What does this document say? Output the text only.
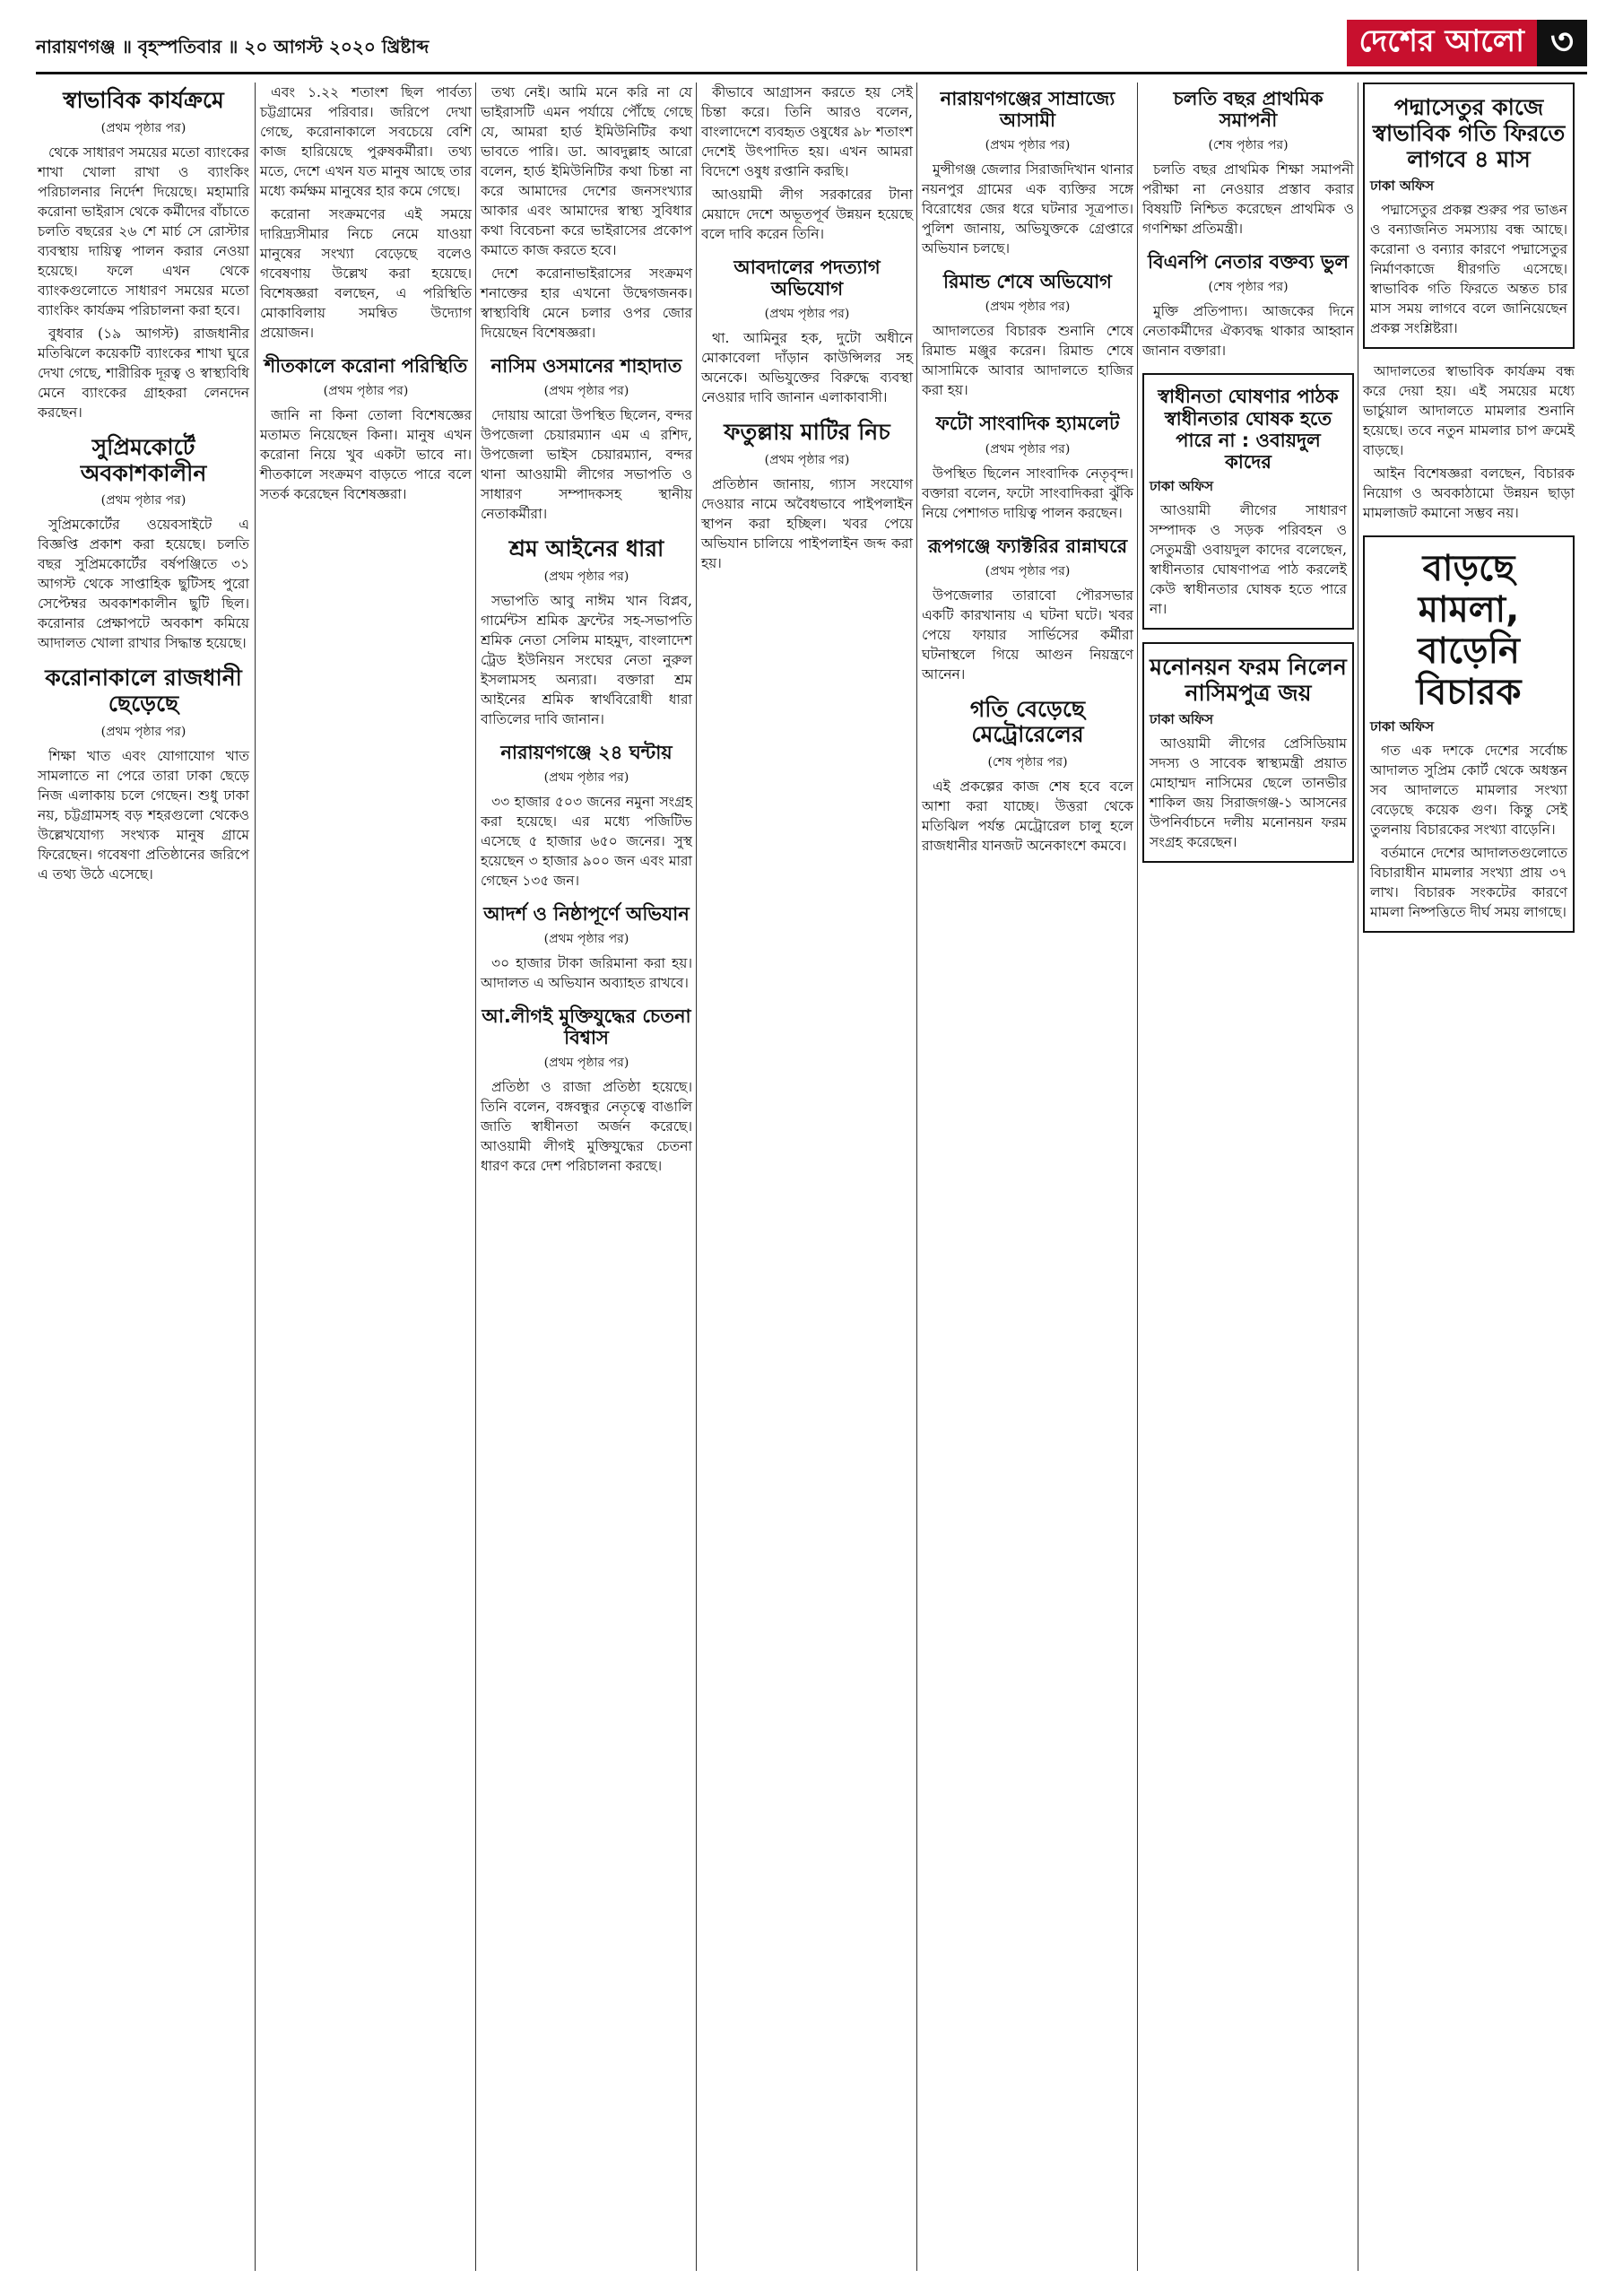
নারায়ণগঞ্জ ॥ বৃহস্পতিবার ॥ ২০ আগস্ট ২০২০ খ্রিষ্টাব্দ	দেশের আলো ৩
স্বাভাবিক কার্যক্রমে
(প্রথম পৃষ্ঠার পর)

থেকে সাধারণ সময়ের মতো ব্যাংকের শাখা খোলা রাখা ও ব্যাংকিং পরিচালনার নির্দেশ দিয়েছে। মহামারি করোনা ভাইরাস থেকে কর্মীদের বাঁচাতে চলতি বছরের ২৬ শে মার্চ সে রোস্টার ব্যবস্থায় দায়িত্ব পালন করার নেওয়া হয়েছে। ফলে এখন থেকে ব্যাংকগুলোতে সাধারণ সময়ের মতো ব্যাংকিং কার্যক্রম পরিচালনা করা হবে।

বুধবার (১৯ আগস্ট) রাজধানীর মতিঝিলে কয়েকটি ব্যাংকের শাখা ঘুরে দেখা গেছে, শারীরিক দূরত্ব ও স্বাস্থ্যবিধি মেনে ব্যাংকের গ্রাহকরা লেনদেন করছেন।

সুপ্রিমকোর্টে অবকাশকালীন
(প্রথম পৃষ্ঠার পর)

সুপ্রিমকোর্টের ওয়েবসাইটে এ বিজ্ঞপ্তি প্রকাশ করা হয়েছে। চলতি বছর সুপ্রিমকোর্টের বর্ষপঞ্জিতে ৩১ আগস্ট থেকে সাপ্তাহিক ছুটিসহ পুরো সেপ্টেম্বর অবকাশকালীন ছুটি ছিল। করোনার প্রেক্ষাপটে অবকাশ কমিয়ে আদালত খোলা রাখার সিদ্ধান্ত হয়েছে।

করোনাকালে রাজধানী ছেড়েছে
(প্রথম পৃষ্ঠার পর)

শিক্ষা খাত এবং যোগাযোগ খাত সামলাতে না পেরে তারা ঢাকা ছেড়ে নিজ এলাকায় চলে গেছেন। শুধু ঢাকা নয়, চট্টগ্রামসহ বড় শহরগুলো থেকেও উল্লেখযোগ্য সংখ্যক মানুষ গ্রামে ফিরেছেন। গবেষণা প্রতিষ্ঠানের জরিপে এ তথ্য উঠে এসেছে।

এবং ১.২২ শতাংশ ছিল পার্বত্য চট্টগ্রামের পরিবার। জরিপে দেখা গেছে, করোনাকালে সবচেয়ে বেশি কাজ হারিয়েছে পুরুষকর্মীরা। তথ্য মতে, দেশে এখন যত মানুষ আছে তার মধ্যে কর্মক্ষম মানুষের হার কমে গেছে।

করোনা সংক্রমণের এই সময়ে দারিদ্র্যসীমার নিচে নেমে যাওয়া মানুষের সংখ্যা বেড়েছে বলেও গবেষণায় উল্লেখ করা হয়েছে। বিশেষজ্ঞরা বলছেন, এ পরিস্থিতি মোকাবিলায় সমন্বিত উদ্যোগ প্রয়োজন।

শীতকালে করোনা পরিস্থিতি
(প্রথম পৃষ্ঠার পর)

জানি না কিনা তোলা বিশেষজ্ঞের মতামত নিয়েছেন কিনা। মানুষ এখন করোনা নিয়ে খুব একটা ভাবে না। শীতকালে সংক্রমণ বাড়তে পারে বলে সতর্ক করেছেন বিশেষজ্ঞরা।

তথ্য নেই। আমি মনে করি না যে ভাইরাসটি এমন পর্যায়ে পৌঁছে গেছে যে, আমরা হার্ড ইমিউনিটির কথা ভাবতে পারি। ডা. আবদুল্লাহ আরো বলেন, হার্ড ইমিউনিটির কথা চিন্তা না করে আমাদের দেশের জনসংখ্যার আকার এবং আমাদের স্বাস্থ্য সুবিধার কথা বিবেচনা করে ভাইরাসের প্রকোপ কমাতে কাজ করতে হবে।

দেশে করোনাভাইরাসের সংক্রমণ শনাক্তের হার এখনো উদ্বেগজনক। স্বাস্থ্যবিধি মেনে চলার ওপর জোর দিয়েছেন বিশেষজ্ঞরা।

নাসিম ওসমানের শাহাদাত
(প্রথম পৃষ্ঠার পর)

দোয়ায় আরো উপস্থিত ছিলেন, বন্দর উপজেলা চেয়ারম্যান এম এ রশিদ, উপজেলা ভাইস চেয়ারম্যান, বন্দর থানা আওয়ামী লীগের সভাপতি ও সাধারণ সম্পাদকসহ স্থানীয় নেতাকর্মীরা।

শ্রম আইনের ধারা
(প্রথম পৃষ্ঠার পর)

সভাপতি আবু নাঈম খান বিপ্লব, গার্মেন্টস শ্রমিক ফ্রন্টের সহ-সভাপতি শ্রমিক নেতা সেলিম মাহমুদ, বাংলাদেশ ট্রেড ইউনিয়ন সংঘের নেতা নুরুল ইসলামসহ অন্যরা। বক্তারা শ্রম আইনের শ্রমিক স্বার্থবিরোধী ধারা বাতিলের দাবি জানান।

নারায়ণগঞ্জে ২৪ ঘন্টায়
(প্রথম পৃষ্ঠার পর)

৩৩ হাজার ৫০৩ জনের নমুনা সংগ্রহ করা হয়েছে। এর মধ্যে পজিটিভ এসেছে ৫ হাজার ৬৫০ জনের। সুস্থ হয়েছেন ৩ হাজার ৯০০ জন এবং মারা গেছেন ১৩৫ জন।

আদর্শ ও নিষ্ঠাপূর্ণে অভিযান
(প্রথম পৃষ্ঠার পর)

৩০ হাজার টাকা জরিমানা করা হয়। আদালত এ অভিযান অব্যাহত রাখবে।

আ.লীগই মুক্তিযুদ্ধের চেতনা বিশ্বাস
(প্রথম পৃষ্ঠার পর)

প্রতিষ্ঠা ও রাজা প্রতিষ্ঠা হয়েছে। তিনি বলেন, বঙ্গবন্ধুর নেতৃত্বে বাঙালি জাতি স্বাধীনতা অর্জন করেছে। আওয়ামী লীগই মুক্তিযুদ্ধের চেতনা ধারণ করে দেশ পরিচালনা করছে।

কীভাবে আগ্রাসন করতে হয় সেই চিন্তা করে। তিনি আরও বলেন, বাংলাদেশে ব্যবহৃত ওষুধের ৯৮ শতাংশ দেশেই উৎপাদিত হয়। এখন আমরা বিদেশে ওষুধ রপ্তানি করছি।

আওয়ামী লীগ সরকারের টানা মেয়াদে দেশে অভূতপূর্ব উন্নয়ন হয়েছে বলে দাবি করেন তিনি।

আবদালের পদত্যাগ অভিযোগ
(প্রথম পৃষ্ঠার পর)

থা. আমিনুর হক, দুটো অধীনে মোকাবেলা দাঁড়ান কাউন্সিলর সহ অনেকে। অভিযুক্তের বিরুদ্ধে ব্যবস্থা নেওয়ার দাবি জানান এলাকাবাসী।

ফতুল্লায় মাটির নিচ
(প্রথম পৃষ্ঠার পর)

প্রতিষ্ঠান জানায়, গ্যাস সংযোগ দেওয়ার নামে অবৈধভাবে পাইপলাইন স্থাপন করা হচ্ছিল। খবর পেয়ে অভিযান চালিয়ে পাইপলাইন জব্দ করা হয়।

নারায়ণগঞ্জের সাম্রাজ্যে আসামী
(প্রথম পৃষ্ঠার পর)

মুন্সীগঞ্জ জেলার সিরাজদিখান থানার নয়নপুর গ্রামের এক ব্যক্তির সঙ্গে বিরোধের জের ধরে ঘটনার সূত্রপাত। পুলিশ জানায়, অভিযুক্তকে গ্রেপ্তারে অভিযান চলছে।

রিমান্ড শেষে অভিযোগ
(প্রথম পৃষ্ঠার পর)

আদালতের বিচারক শুনানি শেষে রিমান্ড মঞ্জুর করেন। রিমান্ড শেষে আসামিকে আবার আদালতে হাজির করা হয়।

ফটো সাংবাদিক হ্যামলেট
(প্রথম পৃষ্ঠার পর)

উপস্থিত ছিলেন সাংবাদিক নেতৃবৃন্দ। বক্তারা বলেন, ফটো সাংবাদিকরা ঝুঁকি নিয়ে পেশাগত দায়িত্ব পালন করছেন।

রূপগঞ্জে ফ্যাক্টরির রান্নাঘরে
(প্রথম পৃষ্ঠার পর)

উপজেলার তারাবো পৌরসভার একটি কারখানায় এ ঘটনা ঘটে। খবর পেয়ে ফায়ার সার্ভিসের কর্মীরা ঘটনাস্থলে গিয়ে আগুন নিয়ন্ত্রণে আনেন।

গতি বেড়েছে মেট্রোরেলের
(শেষ পৃষ্ঠার পর)

এই প্রকল্পের কাজ শেষ হবে বলে আশা করা যাচ্ছে। উত্তরা থেকে মতিঝিল পর্যন্ত মেট্রোরেল চালু হলে রাজধানীর যানজট অনেকাংশে কমবে।

চলতি বছর প্রাথমিক সমাপনী
(শেষ পৃষ্ঠার পর)

চলতি বছর প্রাথমিক শিক্ষা সমাপনী পরীক্ষা না নেওয়ার প্রস্তাব করার বিষয়টি নিশ্চিত করেছেন প্রাথমিক ও গণশিক্ষা প্রতিমন্ত্রী।

বিএনপি নেতার বক্তব্য ভুল
(শেষ পৃষ্ঠার পর)

মুক্তি প্রতিপাদ্য। আজকের দিনে নেতাকর্মীদের ঐক্যবদ্ধ থাকার আহ্বান জানান বক্তারা।

স্বাধীনতা ঘোষণার পাঠক স্বাধীনতার ঘোষক হতে পারে না : ওবায়দুল কাদের
ঢাকা অফিস

আওয়ামী লীগের সাধারণ সম্পাদক ও সড়ক পরিবহন ও সেতুমন্ত্রী ওবায়দুল কাদের বলেছেন, স্বাধীনতার ঘোষণাপত্র পাঠ করলেই কেউ স্বাধীনতার ঘোষক হতে পারে না।

মনোনয়ন ফরম নিলেন নাসিমপুত্র জয়
ঢাকা অফিস

আওয়ামী লীগের প্রেসিডিয়াম সদস্য ও সাবেক স্বাস্থ্যমন্ত্রী প্রয়াত মোহাম্মদ নাসিমের ছেলে তানভীর শাকিল জয় সিরাজগঞ্জ-১ আসনের উপনির্বাচনে দলীয় মনোনয়ন ফরম সংগ্রহ করেছেন।

পদ্মাসেতুর কাজে স্বাভাবিক গতি ফিরতে লাগবে ৪ মাস
ঢাকা অফিস

পদ্মাসেতুর প্রকল্প শুরুর পর ভাঙন ও বন্যাজনিত সমস্যায় বন্ধ আছে। করোনা ও বন্যার কারণে পদ্মাসেতুর নির্মাণকাজে ধীরগতি এসেছে। স্বাভাবিক গতি ফিরতে অন্তত চার মাস সময় লাগবে বলে জানিয়েছেন প্রকল্প সংশ্লিষ্টরা।

আদালতের স্বাভাবিক কার্যক্রম বন্ধ করে দেয়া হয়। এই সময়ের মধ্যে ভার্চুয়াল আদালতে মামলার শুনানি হয়েছে। তবে নতুন মামলার চাপ ক্রমেই বাড়ছে।

আইন বিশেষজ্ঞরা বলছেন, বিচারক নিয়োগ ও অবকাঠামো উন্নয়ন ছাড়া মামলাজট কমানো সম্ভব নয়।

বাড়ছে মামলা, বাড়েনি বিচারক
ঢাকা অফিস

গত এক দশকে দেশের সর্বোচ্চ আদালত সুপ্রিম কোর্ট থেকে অধস্তন সব আদালতে মামলার সংখ্যা বেড়েছে কয়েক গুণ। কিন্তু সেই তুলনায় বিচারকের সংখ্যা বাড়েনি।

বর্তমানে দেশের আদালতগুলোতে বিচারাধীন মামলার সংখ্যা প্রায় ৩৭ লাখ। বিচারক সংকটের কারণে মামলা নিষ্পত্তিতে দীর্ঘ সময় লাগছে।
